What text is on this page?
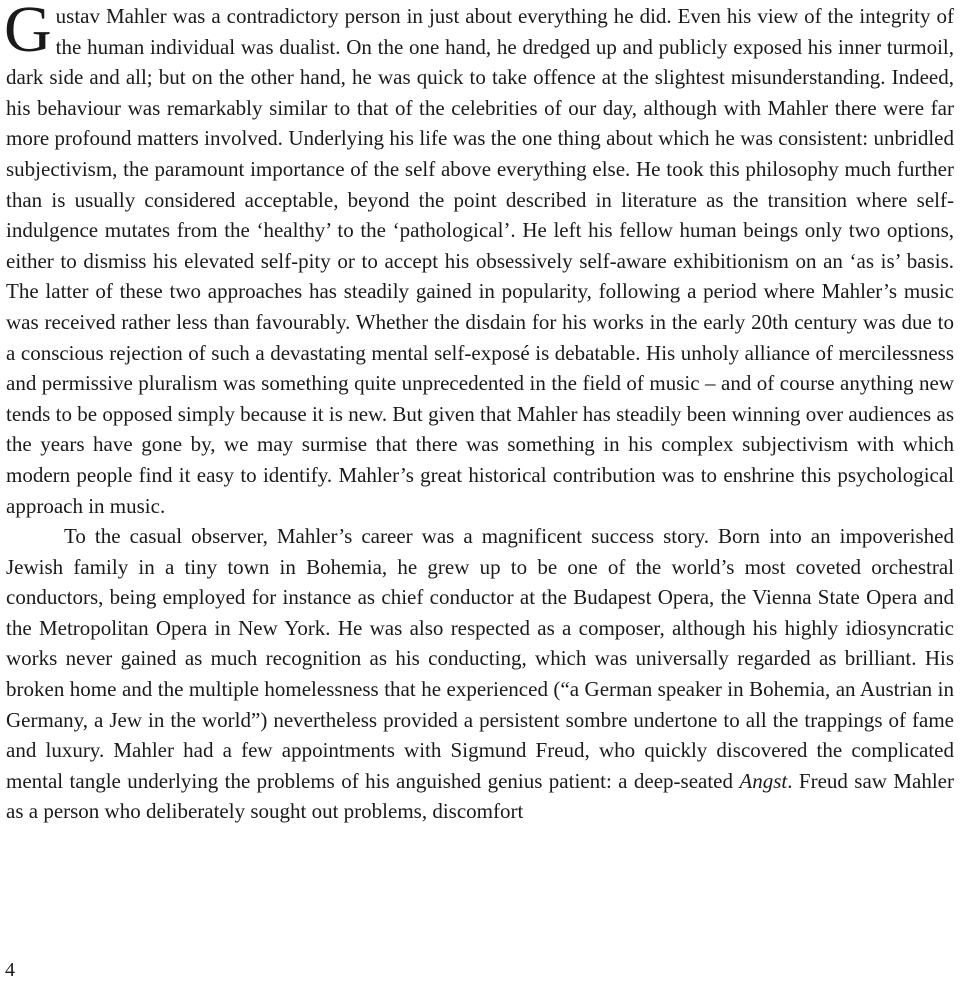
Gustav Mahler was a contradictory person in just about everything he did. Even his view of the integrity of the human individual was dualist. On the one hand, he dredged up and publicly exposed his inner turmoil, dark side and all; but on the other hand, he was quick to take offence at the slightest misunderstanding. Indeed, his behaviour was remarkably similar to that of the celebrities of our day, although with Mahler there were far more profound matters involved. Underlying his life was the one thing about which he was consistent: unbridled subjectivism, the paramount importance of the self above everything else. He took this philosophy much further than is usually considered acceptable, beyond the point described in literature as the transition where self-indulgence mutates from the ‘healthy’ to the ‘pathological’. He left his fellow human beings only two options, either to dismiss his elevated self-pity or to accept his obsessively self-aware exhibitionism on an ‘as is’ basis. The latter of these two approaches has steadily gained in popularity, following a period where Mahler’s music was received rather less than favourably. Whether the disdain for his works in the early 20th century was due to a conscious rejection of such a devastating mental self-exposé is debatable. His unholy alliance of mercilessness and permissive pluralism was something quite unprecedented in the field of music – and of course anything new tends to be opposed simply because it is new. But given that Mahler has steadily been winning over audiences as the years have gone by, we may surmise that there was something in his complex subjectivism with which modern people find it easy to identify. Mahler’s great historical contribution was to enshrine this psychological approach in music.

To the casual observer, Mahler’s career was a magnificent success story. Born into an impoverished Jewish family in a tiny town in Bohemia, he grew up to be one of the world’s most coveted orchestral conductors, being employed for instance as chief conductor at the Budapest Opera, the Vienna State Opera and the Metropolitan Opera in New York. He was also respected as a composer, although his highly idiosyncratic works never gained as much recognition as his conducting, which was universally regarded as brilliant. His broken home and the multiple homelessness that he experienced (“a German speaker in Bohemia, an Austrian in Germany, a Jew in the world”) nevertheless provided a persistent sombre undertone to all the trappings of fame and luxury. Mahler had a few appointments with Sigmund Freud, who quickly discovered the complicated mental tangle underlying the problems of his anguished genius patient: a deep-seated Angst. Freud saw Mahler as a person who deliberately sought out problems, discomfort

4
